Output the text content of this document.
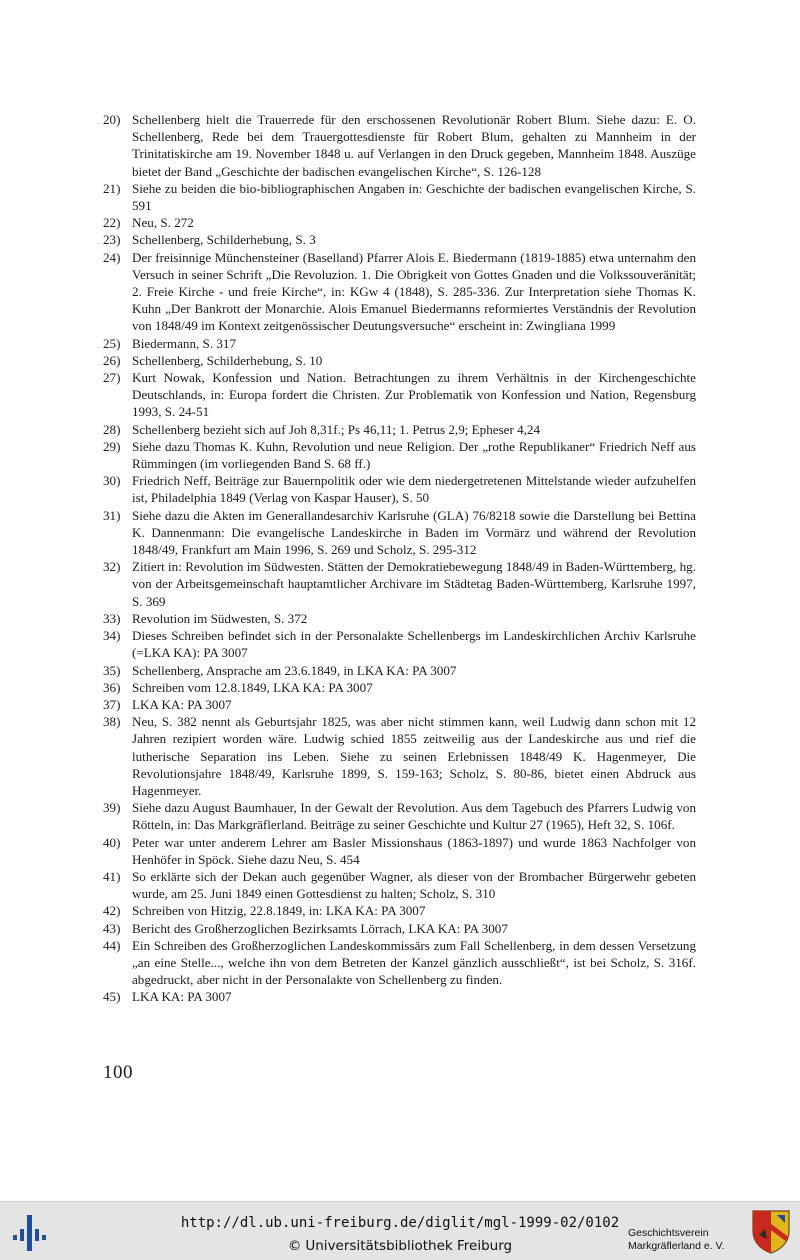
20) Schellenberg hielt die Trauerrede für den erschossenen Revolutionär Robert Blum. Siehe dazu: E. O. Schellenberg, Rede bei dem Trauergottesdienste für Robert Blum, gehalten zu Mannheim in der Trinitatiskirche am 19. November 1848 u. auf Verlangen in den Druck gegeben, Mannheim 1848. Auszüge bietet der Band „Geschichte der badischen evangelischen Kirche“, S. 126-128
21) Siehe zu beiden die bio-bibliographischen Angaben in: Geschichte der badischen evangelischen Kirche, S. 591
22) Neu, S. 272
23) Schellenberg, Schilderhebung, S. 3
24) Der freisinnige Münchensteiner (Baselland) Pfarrer Alois E. Biedermann (1819-1885) etwa unternahm den Versuch in seiner Schrift „Die Revoluzion. 1. Die Obrigkeit von Gottes Gnaden und die Volkssouveränität; 2. Freie Kirche - und freie Kirche“, in: KGw 4 (1848), S. 285-336. Zur Interpretation siehe Thomas K. Kuhn „Der Bankrott der Monarchie. Alois Emanuel Biedermanns reformiertes Verständnis der Revolution von 1848/49 im Kontext zeitgenössischer Deutungsversuche“ erscheint in: Zwingliana 1999
25) Biedermann, S. 317
26) Schellenberg, Schilderhebung, S. 10
27) Kurt Nowak, Konfession und Nation. Betrachtungen zu ihrem Verhältnis in der Kirchengeschichte Deutschlands, in: Europa fordert die Christen. Zur Problematik von Konfession und Nation, Regensburg 1993, S. 24-51
28) Schellenberg bezieht sich auf Joh 8,31f.; Ps 46,11; 1. Petrus 2,9; Epheser 4,24
29) Siehe dazu Thomas K. Kuhn, Revolution und neue Religion. Der „rothe Republikaner“ Friedrich Neff aus Rümmingen (im vorliegenden Band S. 68 ff.)
30) Friedrich Neff, Beiträge zur Bauernpolitik oder wie dem niedergetretenen Mittelstande wieder aufzuhelfen ist, Philadelphia 1849 (Verlag von Kaspar Hauser), S. 50
31) Siehe dazu die Akten im Generallandesarchiv Karlsruhe (GLA) 76/8218 sowie die Darstellung bei Bettina K. Dannenmann: Die evangelische Landeskirche in Baden im Vormärz und während der Revolution 1848/49, Frankfurt am Main 1996, S. 269 und Scholz, S. 295-312
32) Zitiert in: Revolution im Südwesten. Stätten der Demokratiebewegung 1848/49 in Baden-Württemberg, hg. von der Arbeitsgemeinschaft hauptamtlicher Archivare im Städtetag Baden-Württemberg, Karlsruhe 1997, S. 369
33) Revolution im Südwesten, S. 372
34) Dieses Schreiben befindet sich in der Personalakte Schellenbergs im Landeskirchlichen Archiv Karlsruhe (=LKA KA): PA 3007
35) Schellenberg, Ansprache am 23.6.1849, in LKA KA: PA 3007
36) Schreiben vom 12.8.1849, LKA KA: PA 3007
37) LKA KA: PA 3007
38) Neu, S. 382 nennt als Geburtsjahr 1825, was aber nicht stimmen kann, weil Ludwig dann schon mit 12 Jahren rezipiert worden wäre. Ludwig schied 1855 zeitweilig aus der Landeskirche aus und rief die lutherische Separation ins Leben. Siehe zu seinen Erlebnissen 1848/49 K. Hagenmeyer, Die Revolutionsjahre 1848/49, Karlsruhe 1899, S. 159-163; Scholz, S. 80-86, bietet einen Abdruck aus Hagenmeyer.
39) Siehe dazu August Baumhauer, In der Gewalt der Revolution. Aus dem Tagebuch des Pfarrers Ludwig von Rötteln, in: Das Markgräflerland. Beiträge zu seiner Geschichte und Kultur 27 (1965), Heft 32, S. 106f.
40) Peter war unter anderem Lehrer am Basler Missionshaus (1863-1897) und wurde 1863 Nachfolger von Henhöfer in Spöck. Siehe dazu Neu, S. 454
41) So erklärte sich der Dekan auch gegenüber Wagner, als dieser von der Brombacher Bürgerwehr gebeten wurde, am 25. Juni 1849 einen Gottesdienst zu halten; Scholz, S. 310
42) Schreiben von Hitzig, 22.8.1849, in: LKA KA: PA 3007
43) Bericht des Großherzoglichen Bezirksamts Lörrach, LKA KA: PA 3007
44) Ein Schreiben des Großherzoglichen Landeskommissärs zum Fall Schellenberg, in dem dessen Versetzung „an eine Stelle..., welche ihn von dem Betreten der Kanzel gänzlich ausschließt“, ist bei Scholz, S. 316f. abgedruckt, aber nicht in der Personalakte von Schellenberg zu finden.
45) LKA KA: PA 3007
100
http://dl.ub.uni-freiburg.de/diglit/mgl-1999-02/0102
© Universitätsbibliothek Freiburg
Geschichtsverein
Markgräflerland e. V.
